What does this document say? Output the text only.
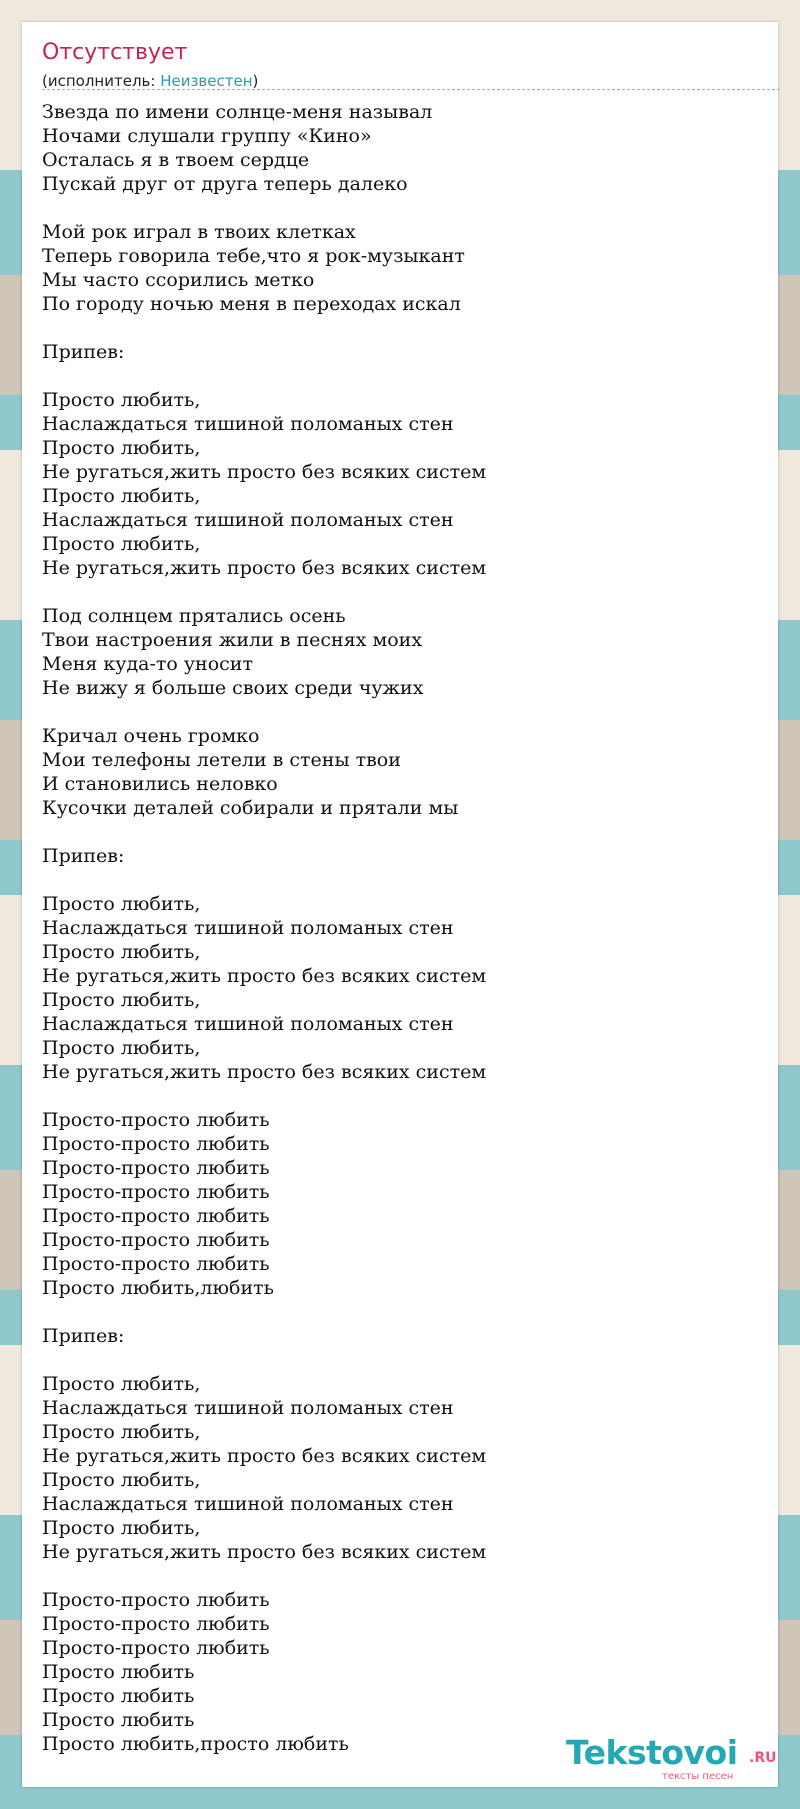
Отсутствует
(исполнитель: Неизвестен)
Звезда по имени солнце-меня называл
Ночами слушали группу «Кино»
Осталась я в твоем сердце
Пускай друг от друга теперь далеко
Мой рок играл в твоих клетках
Теперь говорила тебе,что я рок-музыкант
Мы часто ссорились метко
По городу ночью меня в переходах искал
Припев:
Просто любить,
Наслаждаться тишиной поломаных стен
Просто любить,
Не ругаться,жить просто без всяких систем
Просто любить,
Наслаждаться тишиной поломаных стен
Просто любить,
Не ругаться,жить просто без всяких систем
Под солнцем прятались осень
Твои настроения жили в песнях моих
Меня куда-то уносит
Не вижу я больше своих среди чужих
Кричал очень громко
Мои телефоны летели в стены твои
И становились неловко
Кусочки деталей собирали и прятали мы
Припев:
Просто любить,
Наслаждаться тишиной поломаных стен
Просто любить,
Не ругаться,жить просто без всяких систем
Просто любить,
Наслаждаться тишиной поломаных стен
Просто любить,
Не ругаться,жить просто без всяких систем
Просто-просто любить
Просто-просто любить
Просто-просто любить
Просто-просто любить
Просто-просто любить
Просто-просто любить
Просто-просто любить
Просто любить,любить
Припев:
Просто любить,
Наслаждаться тишиной поломаных стен
Просто любить,
Не ругаться,жить просто без всяких систем
Просто любить,
Наслаждаться тишиной поломаных стен
Просто любить,
Не ругаться,жить просто без всяких систем
Просто-просто любить
Просто-просто любить
Просто-просто любить
Просто любить
Просто любить
Просто любить
Просто любить,просто любить	Tekstovoi .RU
тексты песен
